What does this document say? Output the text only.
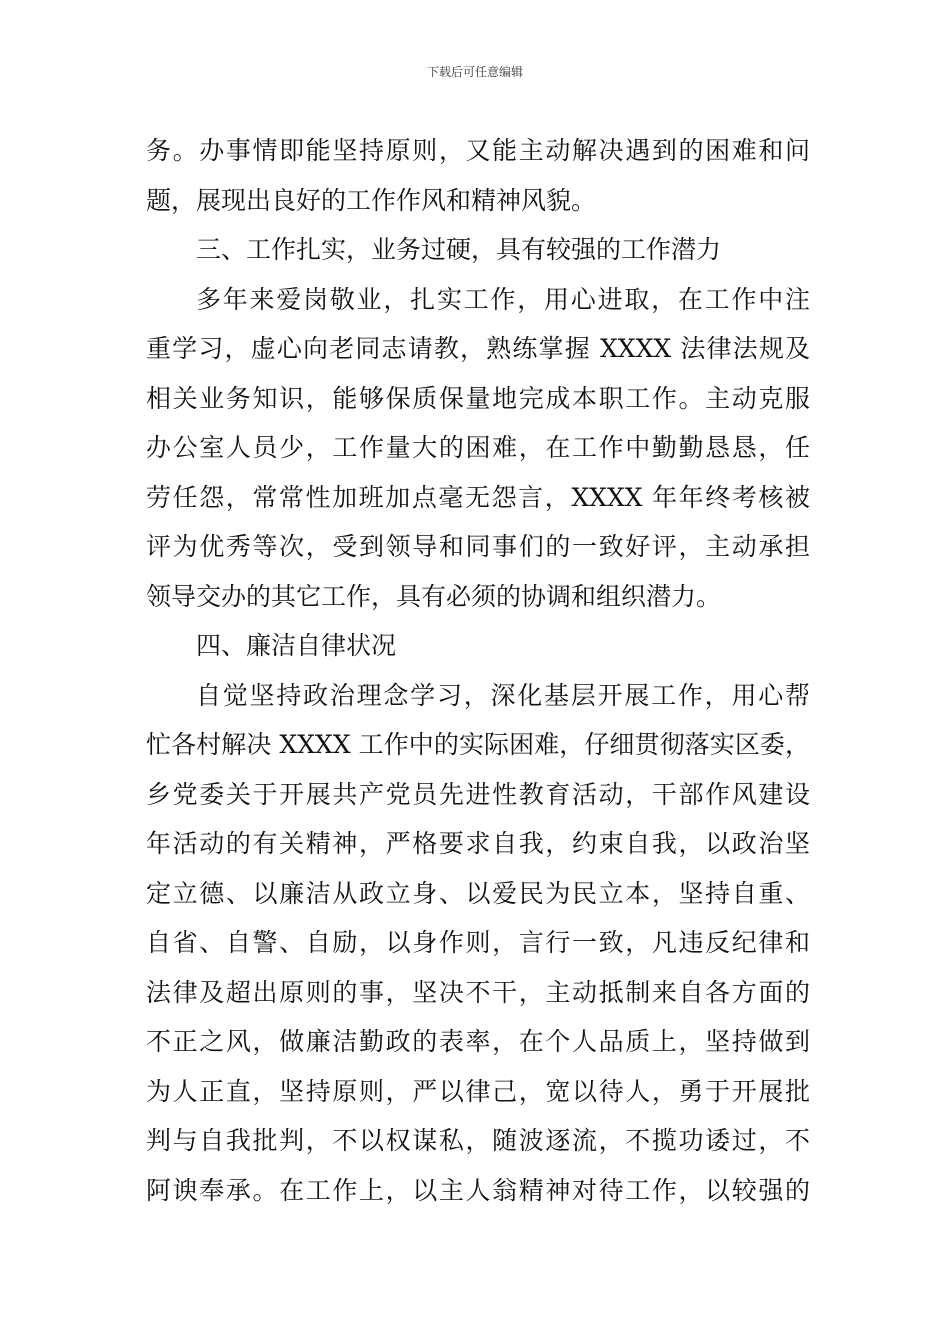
下载后可任意编辑
务。办事情即能坚持原则，又能主动解决遇到的困难和问
题，展现出良好的工作作风和精神风貌。
三、工作扎实，业务过硬，具有较强的工作潜力
多年来爱岗敬业，扎实工作，用心进取，在工作中注
重学习，虚心向老同志请教，熟练掌握 XXXX 法律法规及
相关业务知识，能够保质保量地完成本职工作。主动克服
办公室人员少，工作量大的困难，在工作中勤勤恳恳，任
劳任怨，常常性加班加点毫无怨言，XXXX 年年终考核被
评为优秀等次，受到领导和同事们的一致好评，主动承担
领导交办的其它工作，具有必须的协调和组织潜力。
四、廉洁自律状况
自觉坚持政治理念学习，深化基层开展工作，用心帮
忙各村解决 XXXX 工作中的实际困难，仔细贯彻落实区委，
乡党委关于开展共产党员先进性教育活动，干部作风建设
年活动的有关精神，严格要求自我，约束自我，以政治坚
定立德、以廉洁从政立身、以爱民为民立本，坚持自重、
自省、自警、自励，以身作则，言行一致，凡违反纪律和
法律及超出原则的事，坚决不干，主动抵制来自各方面的
不正之风，做廉洁勤政的表率，在个人品质上，坚持做到
为人正直，坚持原则，严以律己，宽以待人，勇于开展批
判与自我批判，不以权谋私，随波逐流，不揽功诿过，不
阿谀奉承。在工作上，以主人翁精神对待工作，以较强的
